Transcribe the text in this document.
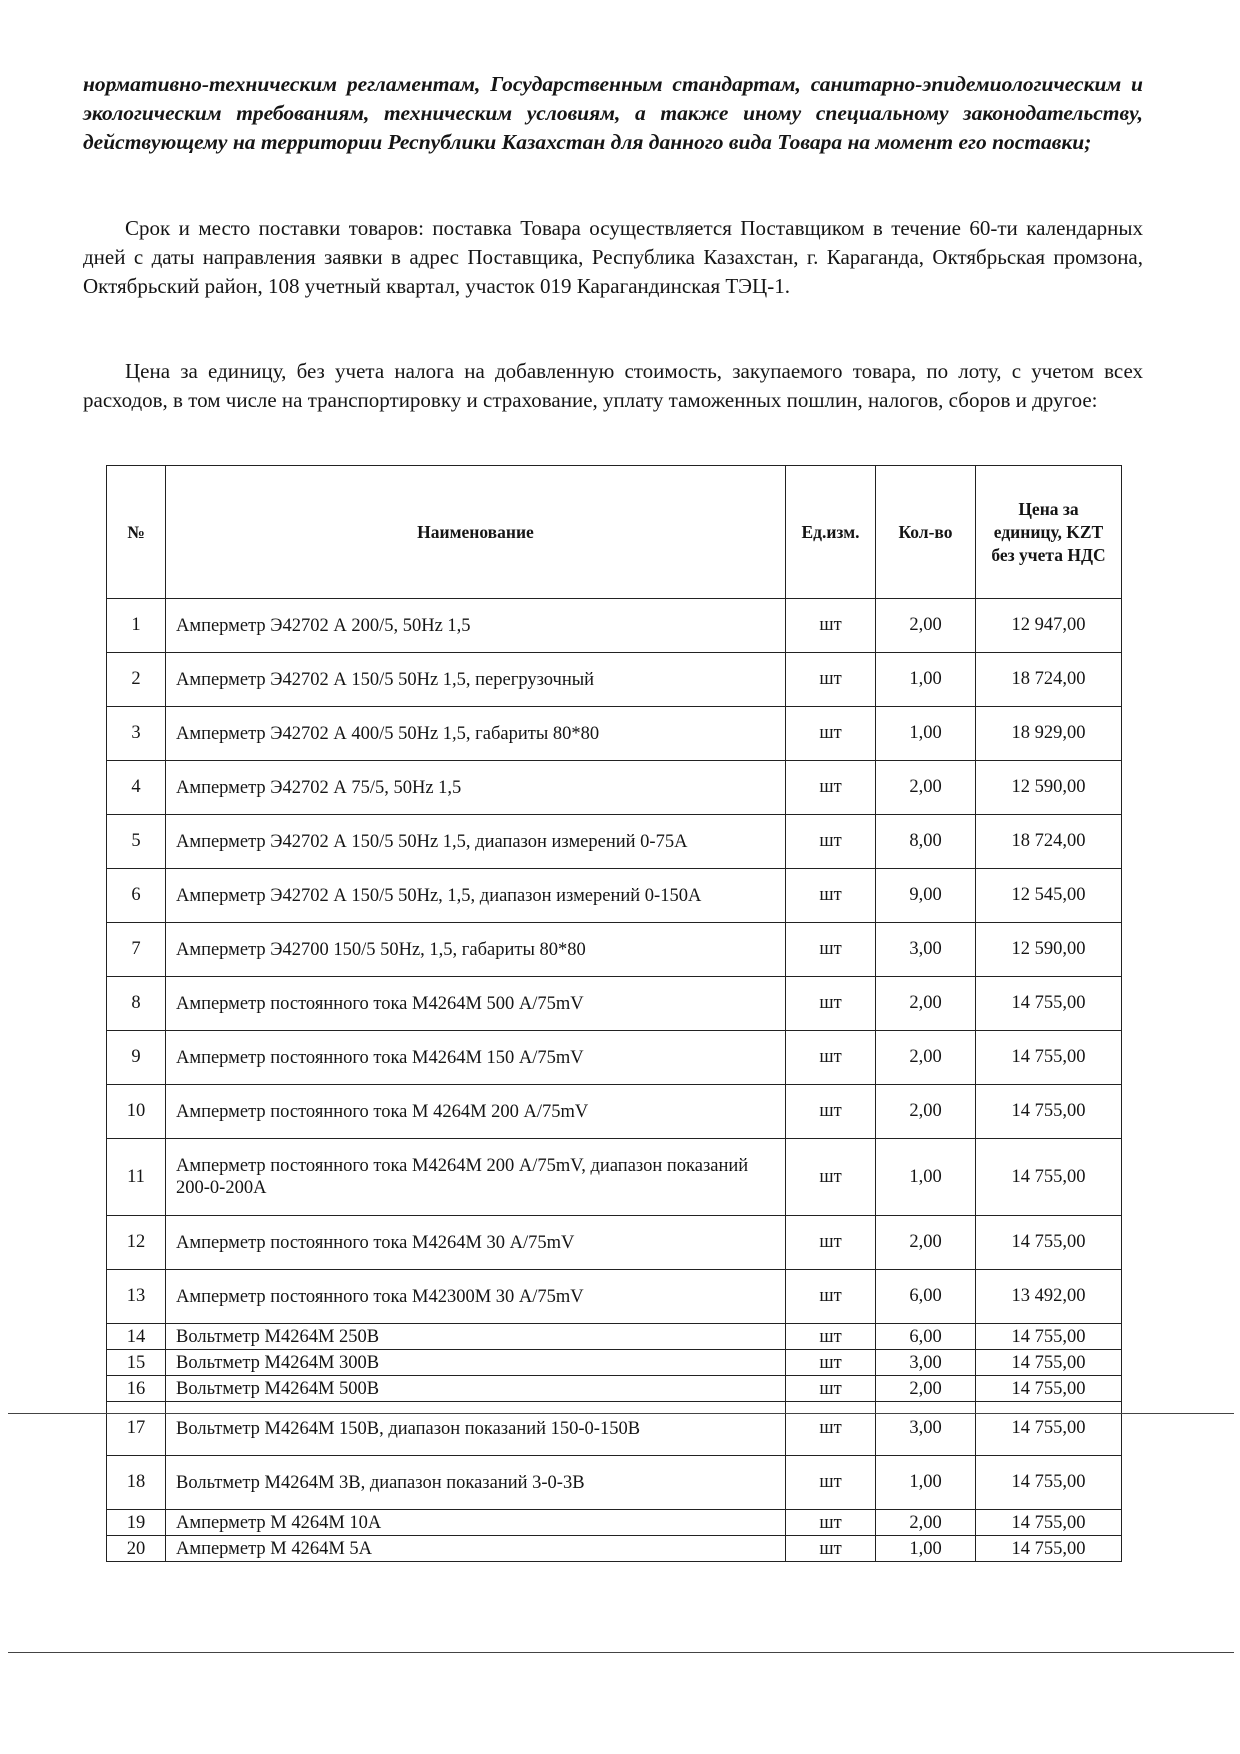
нормативно-техническим регламентам, Государственным стандартам, санитарно-эпидемиологическим и экологическим требованиям, техническим условиям, а также иному специальному законодательству, действующему на территории Республики Казахстан для данного вида Товара на момент его поставки;

Срок и место поставки товаров: поставка Товара осуществляется Поставщиком в течение 60-ти календарных дней с даты направления заявки в адрес Поставщика, Республика Казахстан, г. Караганда, Октябрьская промзона, Октябрьский район, 108 учетный квартал, участок 019 Карагандинская ТЭЦ-1.

Цена за единицу, без учета налога на добавленную стоимость, закупаемого товара, по лоту, с учетом всех расходов, в том числе на транспортировку и страхование, уплату таможенных пошлин, налогов, сборов и другое:

№	Наименование	Ед.изм.	Кол-во	Цена за единицу, KZT без учета НДС
1	Амперметр Э42702 А 200/5, 50Hz 1,5	шт	2,00	12 947,00
2	Амперметр Э42702 А 150/5 50Hz 1,5, перегрузочный	шт	1,00	18 724,00
3	Амперметр Э42702 А 400/5 50Hz 1,5, габариты 80*80	шт	1,00	18 929,00
4	Амперметр Э42702 А 75/5, 50Hz 1,5	шт	2,00	12 590,00
5	Амперметр Э42702 А 150/5 50Hz 1,5, диапазон измерений 0-75А	шт	8,00	18 724,00
6	Амперметр Э42702 А 150/5 50Hz, 1,5, диапазон измерений 0-150А	шт	9,00	12 545,00
7	Амперметр Э42700 150/5 50Hz, 1,5, габариты 80*80	шт	3,00	12 590,00
8	Амперметр постоянного тока М4264М 500 А/75mV	шт	2,00	14 755,00
9	Амперметр постоянного тока М4264М 150 А/75mV	шт	2,00	14 755,00
10	Амперметр постоянного тока М 4264М 200 А/75mV	шт	2,00	14 755,00
11	Амперметр постоянного тока М4264М 200 А/75mV, диапазон показаний 200-0-200А	шт	1,00	14 755,00
12	Амперметр постоянного тока М4264М 30 А/75mV	шт	2,00	14 755,00
13	Амперметр постоянного тока М42300М 30 А/75mV	шт	6,00	13 492,00
14	Вольтметр М4264М 250В	шт	6,00	14 755,00
15	Вольтметр М4264М 300В	шт	3,00	14 755,00
16	Вольтметр М4264М 500В	шт	2,00	14 755,00
17	Вольтметр М4264М 150В, диапазон показаний 150-0-150В	шт	3,00	14 755,00
18	Вольтметр М4264М 3В, диапазон показаний 3-0-3В	шт	1,00	14 755,00
19	Амперметр М 4264М 10А	шт	2,00	14 755,00
20	Амперметр М 4264М 5А	шт	1,00	14 755,00
